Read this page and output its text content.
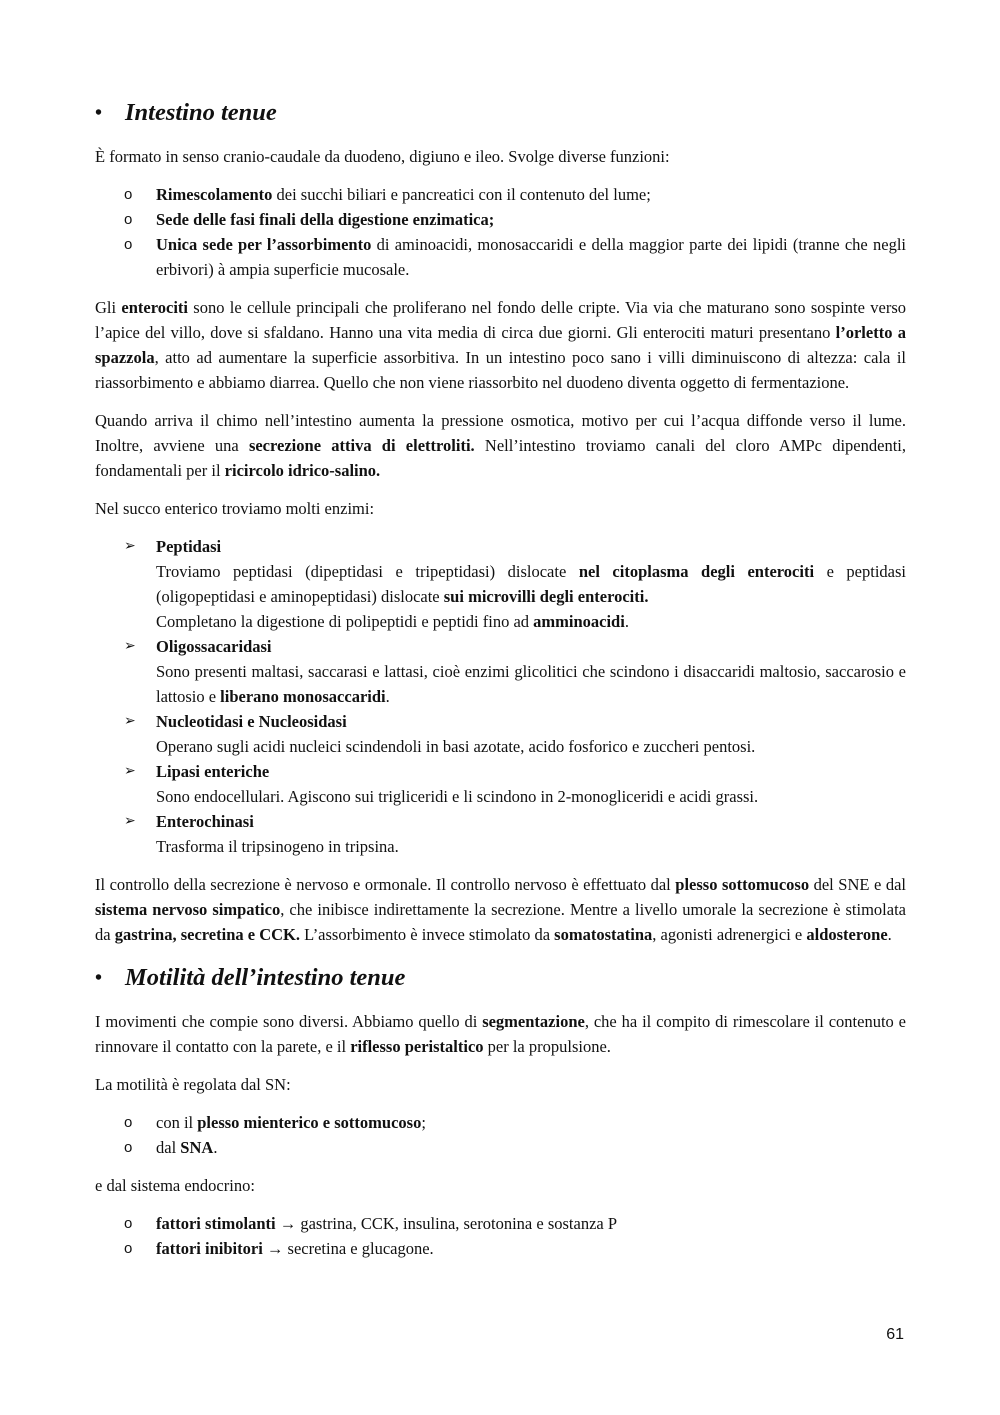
• Intestino tenue

È formato in senso cranio-caudale da duodeno, digiuno e ileo. Svolge diverse funzioni:

o Rimescolamento dei succhi biliari e pancreatici con il contenuto del lume;
o Sede delle fasi finali della digestione enzimatica;
o Unica sede per l’assorbimento di aminoacidi, monosaccaridi e della maggior parte dei lipidi (tranne che negli erbivori) à ampia superficie mucosale.

Gli enterociti sono le cellule principali che proliferano nel fondo delle cripte. Via via che maturano sono sospinte verso l’apice del villo, dove si sfaldano. Hanno una vita media di circa due giorni. Gli enterociti maturi presentano l’orletto a spazzola, atto ad aumentare la superficie assorbitiva. In un intestino poco sano i villi diminuiscono di altezza: cala il riassorbimento e abbiamo diarrea. Quello che non viene riassorbito nel duodeno diventa oggetto di fermentazione.

Quando arriva il chimo nell’intestino aumenta la pressione osmotica, motivo per cui l’acqua diffonde verso il lume. Inoltre, avviene una secrezione attiva di elettroliti. Nell’intestino troviamo canali del cloro AMPc dipendenti, fondamentali per il ricircolo idrico-salino.

Nel succo enterico troviamo molti enzimi:

➢ Peptidasi
Troviamo peptidasi (dipeptidasi e tripeptidasi) dislocate nel citoplasma degli enterociti e peptidasi (oligopeptidasi e aminopeptidasi) dislocate sui microvilli degli enterociti.
Completano la digestione di polipeptidi e peptidi fino ad amminoacidi.
➢ Oligossacaridasi
Sono presenti maltasi, saccarasi e lattasi, cioè enzimi glicolitici che scindono i disaccaridi maltosio, saccarosio e lattosio e liberano monosaccaridi.
➢ Nucleotidasi e Nucleosidasi
Operano sugli acidi nucleici scindendoli in basi azotate, acido fosforico e zuccheri pentosi.
➢ Lipasi enteriche
Sono endocellulari. Agiscono sui trigliceridi e li scindono in 2-monogliceridi e acidi grassi.
➢ Enterochinasi
Trasforma il tripsinogeno in tripsina.

Il controllo della secrezione è nervoso e ormonale. Il controllo nervoso è effettuato dal plesso sottomucoso del SNE e dal sistema nervoso simpatico, che inibisce indirettamente la secrezione. Mentre a livello umorale la secrezione è stimolata da gastrina, secretina e CCK. L’assorbimento è invece stimolato da somatostatina, agonisti adrenergici e aldosterone.

• Motilità dell’intestino tenue

I movimenti che compie sono diversi. Abbiamo quello di segmentazione, che ha il compito di rimescolare il contenuto e rinnovare il contatto con la parete, e il riflesso peristaltico per la propulsione.

La motilità è regolata dal SN:

o con il plesso mienterico e sottomucoso;
o dal SNA.

e dal sistema endocrino:

o fattori stimolanti → gastrina, CCK, insulina, serotonina e sostanza P
o fattori inibitori → secretina e glucagone.
61
